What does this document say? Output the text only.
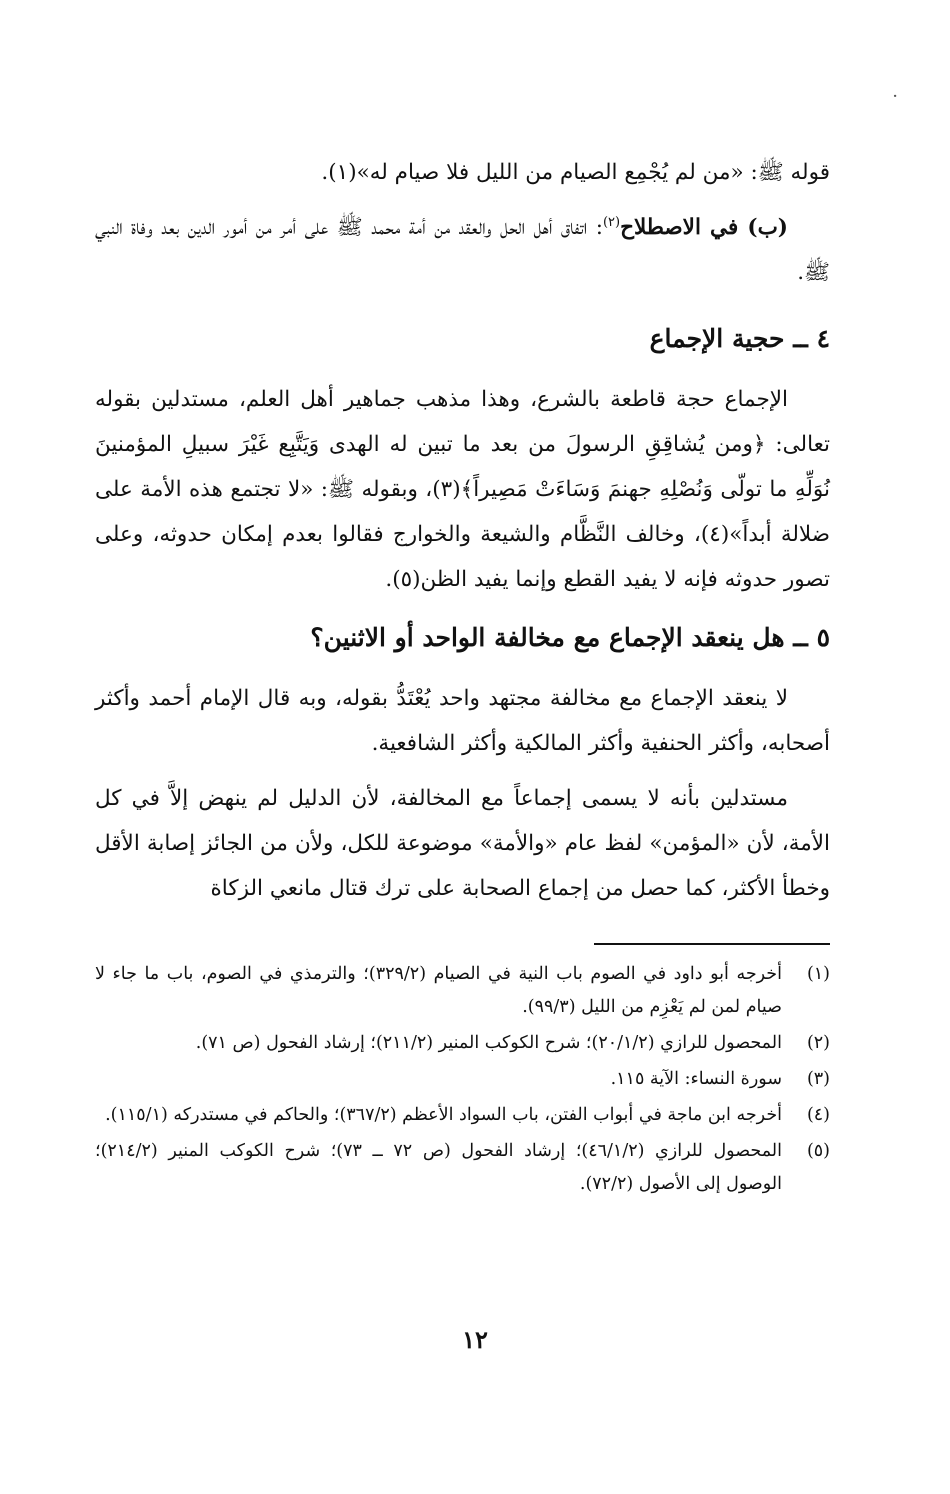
·

قوله ﷺ: «من لم يُجْمِع الصيام من الليل فلا صيام له»(١).

(ب) في الاصطلاح$^{(٢)}$: اتفاق أهل الحل والعقد من أمة محمد ﷺ على أمر من أمور الدين بعد وفاة النبي ﷺ.

٤ ــ حجية الإجماع

الإجماع حجة قاطعة بالشرع، وهذا مذهب جماهير أهل العلم، مستدلين بقوله تعالى: ﴿ومن يُشاقِقِ الرسولَ من بعد ما تبين له الهدى وَيَتَّبِع غَيْرَ سبيلِ المؤمنينَ نُوَلِّهِ ما تولّى وَنُصْلِهِ جهنمَ وَسَاءَتْ مَصِيراً﴾(٣)، وبقوله ﷺ: «لا تجتمع هذه الأمة على ضلالة أبداً»(٤)، وخالف النَّظَّام والشيعة والخوارج فقالوا بعدم إمكان حدوثه، وعلى تصور حدوثه فإنه لا يفيد القطع وإنما يفيد الظن(٥).

٥ ــ هل ينعقد الإجماع مع مخالفة الواحد أو الاثنين؟

لا ينعقد الإجماع مع مخالفة مجتهد واحد يُعْتَدُّ بقوله، وبه قال الإمام أحمد وأكثر أصحابه، وأكثر الحنفية وأكثر المالكية وأكثر الشافعية.

مستدلين بأنه لا يسمى إجماعاً مع المخالفة، لأن الدليل لم ينهض إلاَّ في كل الأمة، لأن «المؤمن» لفظ عام «والأمة» موضوعة للكل، ولأن من الجائز إصابة الأقل وخطأ الأكثر، كما حصل من إجماع الصحابة على ترك قتال مانعي الزكاة

(١)
أخرجه أبو داود في الصوم باب النية في الصيام (٣٢٩/٢)؛ والترمذي في الصوم، باب ما جاء لا صيام لمن لم يَعْزِم من الليل (٩٩/٣).
(٢)
المحصول للرازي (٢٠/١/٢)؛ شرح الكوكب المنير (٢١١/٢)؛ إرشاد الفحول (ص ٧١).
(٣)
سورة النساء: الآية ١١٥.
(٤)
أخرجه ابن ماجة في أبواب الفتن، باب السواد الأعظم (٣٦٧/٢)؛ والحاكم في مستدركه (١١٥/١).
(٥)
المحصول للرازي (٤٦/١/٢)؛ إرشاد الفحول (ص ٧٢ ــ ٧٣)؛ شرح الكوكب المنير (٢١٤/٢)؛ الوصول إلى الأصول (٧٢/٢).
١٢
